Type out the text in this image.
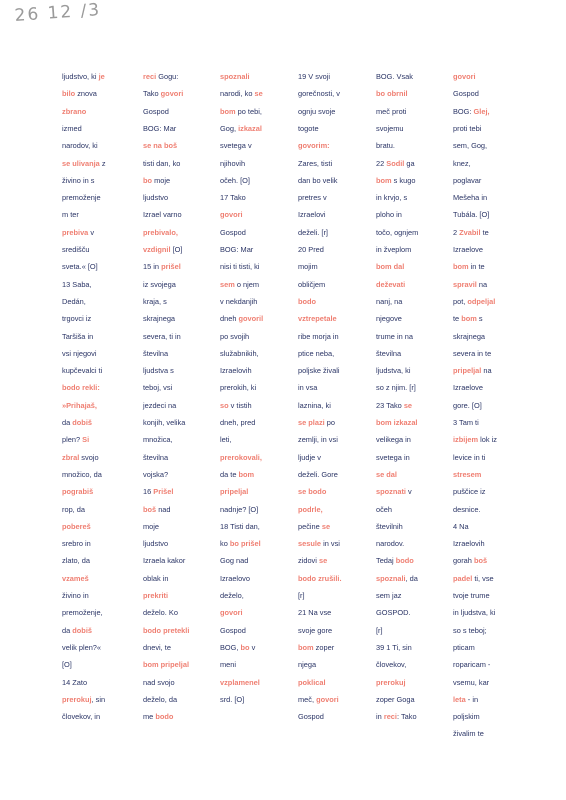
26 12 /3
ljudstvo, ki je
bilo znova
zbrano
izmed
narodov, ki
se ulivanja z
živino in s
premoženje
m ter
prebiva v
središču
sveta.« [O]
13 Saba,
Dedán,
trgovci iz
Taršiša in
vsi njegovi
kupčevalci ti
bodo rekli:
»Prihajaš,
da dobiš
plen? Si
zbral svojo
množico, da
pograbiš
rop, da
pobereš
srebro in
zlato, da
vzameš
živino in
premoženje,
da dobiš
velik plen?«
[O]
14 Zato
prerokuj, sin
človekov, in
reci Gogu:
Tako govori
Gospod
BOG: Mar
se na boš
tisti dan, ko
bo moje
ljudstvo
Izrael varno
prebivalo,
vzdignil [O]
15 in prišel
iz svojega
kraja, s
skrajnega
severa, ti in
številna
ljudstva s
teboj, vsi
jezdeci na
konjih, velika
množica,
številna
vojska?
16 Prišel
boš nad
moje
ljudstvo
Izraela kakor
oblak in
prekriti
deželo. Ko
bodo pretekli
dnevi, te
bom pripeljal
nad svojo
deželo, da
me bodo
spoznali
narodi, ko se
bom po tebi,
Gog, izkazal
svetega v
njihovih
očeh. [O]
17 Tako
govori
Gospod
BOG: Mar
nisi ti tisti, ki
sem o njem
v nekdanjih
dneh govoril
po svojih
služabnikih,
Izraelovih
prerokih, ki
so v tistih
dneh, pred
leti,
prerokovali,
da te bom
pripeljal
nadnje? [O]
18 Tisti dan,
ko bo prišel
Gog nad
Izraelovo
deželo,
govori
Gospod
BOG, bo v
meni
vzplamenel
srd. [O]
19 V svoji
gorečnosti, v
ognju svoje
togote
govorim:
Zares, tisti
dan bo velik
pretres v
Izraelovi
deželi. [r]
20 Pred
mojim
obličjem
bodo
vztrepetale
ribe morja in
ptice neba,
poljske živali
in vsa
laznina, ki
se plazi po
zemlji, in vsi
ljudje v
deželi. Gore
se bodo
podrle,
pečine se
sesule in vsi
zidovi se
bodo zrušili.
[r]
21 Na vse
svoje gore
bom zoper
njega
poklical
meč, govori
Gospod
BOG. Vsak
bo obrnil
meč proti
svojemu
bratu.
22 Sodil ga
bom s kugo
in krvjo, s
ploho in
točo, ognjem
in žveplom
bom dal
deževati
nanj, na
njegove
trume in na
številna
ljudstva, ki
so z njim. [r]
23 Tako se
bom izkazal
velikega in
svetega in
se dal
spoznati v
očeh
številnih
narodov.
Tedaj bodo
spoznali, da
sem jaz
GOSPOD.
[r]
39 1 Ti, sin
človekov,
prerokuj
zoper Goga
in reci: Tako
govori
Gospod
BOG: Glej,
proti tebi
sem, Gog,
knez,
poglavar
Mešeha in
Tubála. [O]
2 Zvabil te
Izraelove
bom in te
spravil na
pot, odpeljal
te bom s
skrajnega
severa in te
pripeljal na
Izraelove
gore. [O]
3 Tam ti
izbijem lok iz
levice in ti
stresem
puščice iz
desnice.
4 Na
Izraelovih
gorah boš
padel ti, vse
tvoje trume
in ljudstva, ki
so s teboj;
pticam
roparicam -
vsemu, kar
leta - in
poljskim
živalim te
